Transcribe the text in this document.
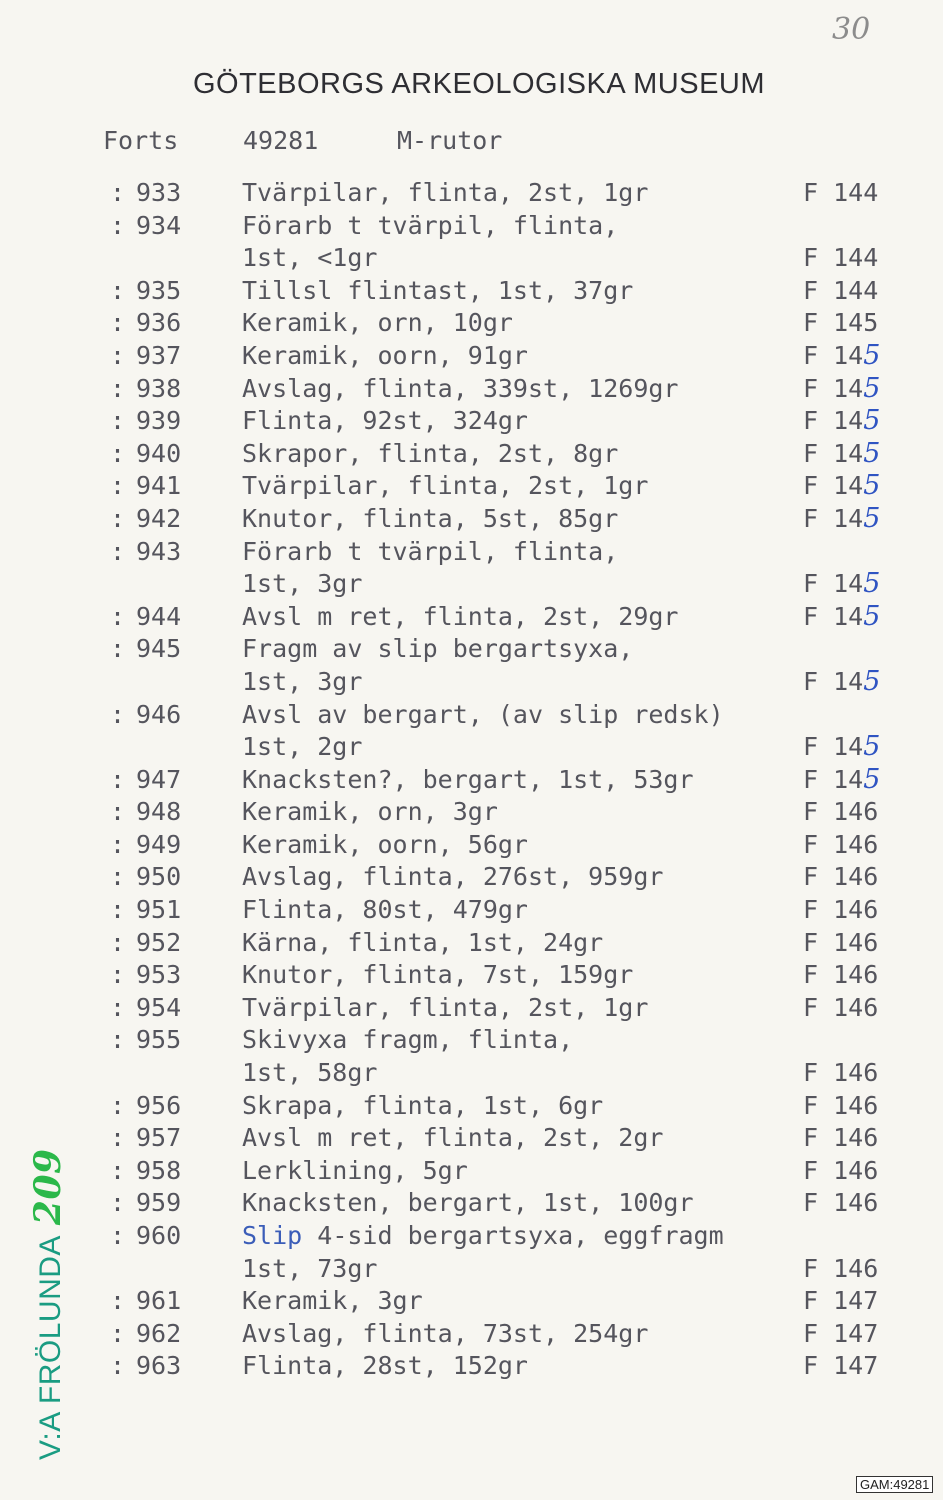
30
GÖTEBORGS ARKEOLOGISKA MUSEUM
Forts	49281	M-rutor
: 933 Tvärpilar, flinta, 2st, 1gr	F 144
: 934 Förarb t tvärpil, flinta,
1st, <1gr	F 144
: 935 Tillsl flintast, 1st, 37gr	F 144
: 936 Keramik, orn, 10gr	F 145
: 937 Keramik, oorn, 91gr	F 145
: 938 Avslag, flinta, 339st, 1269gr	F 145
: 939 Flinta, 92st, 324gr	F 145
: 940 Skrapor, flinta, 2st, 8gr	F 145
: 941 Tvärpilar, flinta, 2st, 1gr	F 145
: 942 Knutor, flinta, 5st, 85gr	F 145
: 943 Förarb t tvärpil, flinta,
1st, 3gr	F 145
: 944 Avsl m ret, flinta, 2st, 29gr	F 145
: 945 Fragm av slip bergartsyxa,
1st, 3gr	F 145
: 946 Avsl av bergart, (av slip redsk)
1st, 2gr	F 145
: 947 Knacksten?, bergart, 1st, 53gr	F 145
: 948 Keramik, orn, 3gr	F 146
: 949 Keramik, oorn, 56gr	F 146
: 950 Avslag, flinta, 276st, 959gr	F 146
: 951 Flinta, 80st, 479gr	F 146
: 952 Kärna, flinta, 1st, 24gr	F 146
: 953 Knutor, flinta, 7st, 159gr	F 146
: 954 Tvärpilar, flinta, 2st, 1gr	F 146
: 955 Skivyxa fragm, flinta,
1st, 58gr	F 146
: 956 Skrapa, flinta, 1st, 6gr	F 146
: 957 Avsl m ret, flinta, 2st, 2gr	F 146
: 958 Lerklining, 5gr	F 146
: 959 Knacksten, bergart, 1st, 100gr	F 146
: 960 Slip 4-sid bergartsyxa, eggfragm
1st, 73gr	F 146
: 961 Keramik, 3gr	F 147
: 962 Avslag, flinta, 73st, 254gr	F 147
: 963 Flinta, 28st, 152gr	F 147
V:A FRÖLUNDA209
GAM:49281
